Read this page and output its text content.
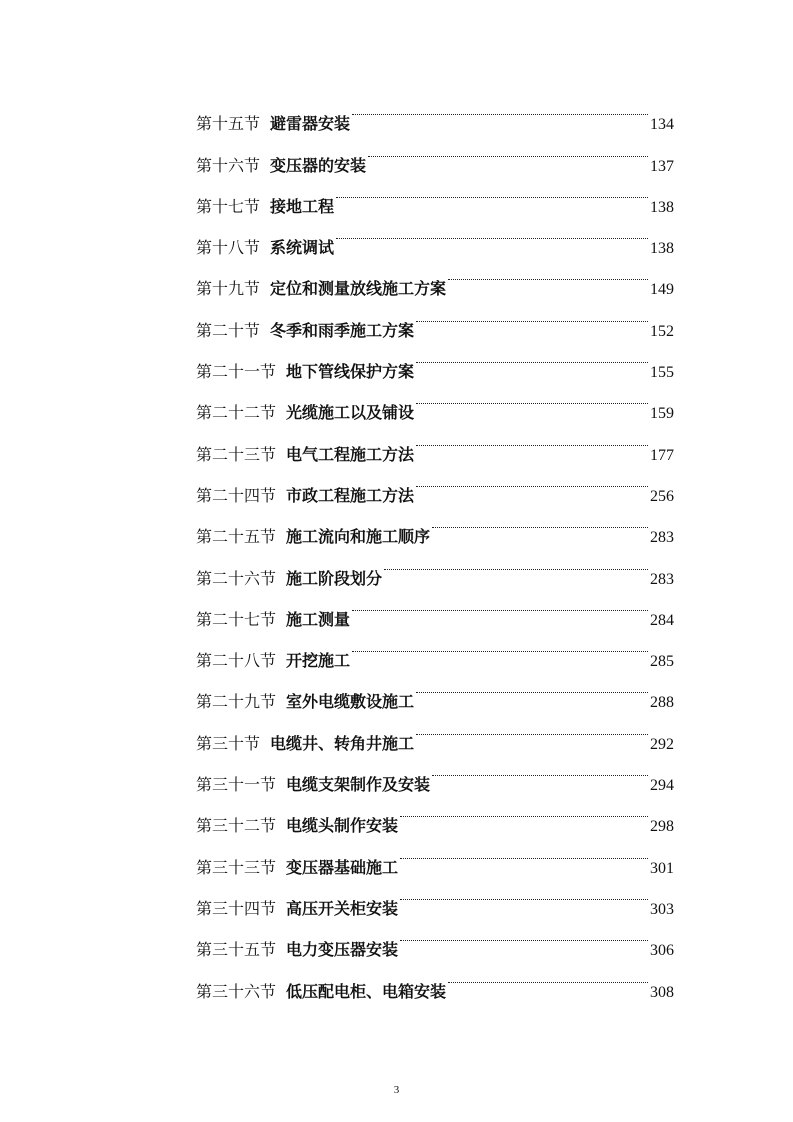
第十五节 避雷器安装	134
第十六节 变压器的安装	137
第十七节 接地工程	138
第十八节 系统调试	138
第十九节 定位和测量放线施工方案	149
第二十节 冬季和雨季施工方案	152
第二十一节 地下管线保护方案	155
第二十二节 光缆施工以及铺设	159
第二十三节 电气工程施工方法	177
第二十四节 市政工程施工方法	256
第二十五节 施工流向和施工顺序	283
第二十六节 施工阶段划分	283
第二十七节 施工测量	284
第二十八节 开挖施工	285
第二十九节 室外电缆敷设施工	288
第三十节 电缆井、转角井施工	292
第三十一节 电缆支架制作及安装	294
第三十二节 电缆头制作安装	298
第三十三节 变压器基础施工	301
第三十四节 高压开关柜安装	303
第三十五节 电力变压器安装	306
第三十六节 低压配电柜、电箱安装	308
3
